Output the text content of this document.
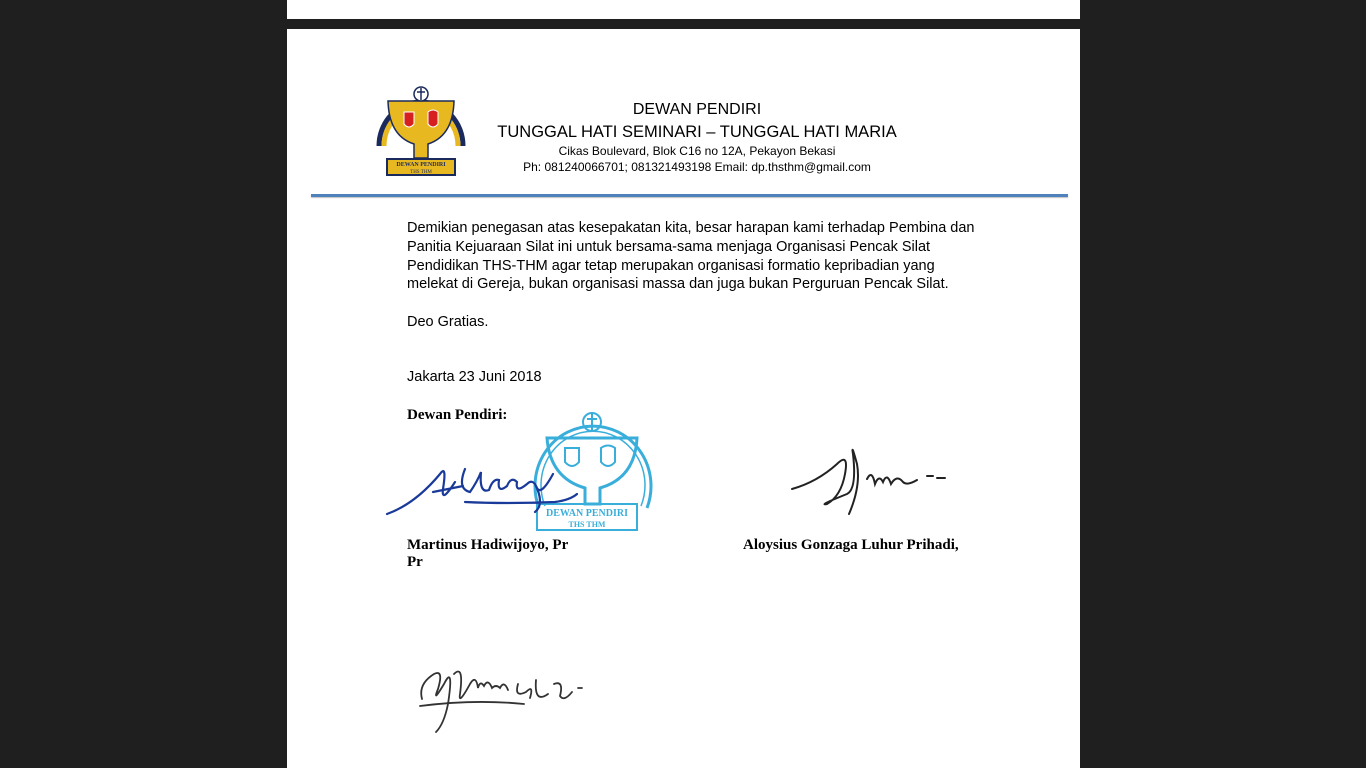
DEWAN PENDIRI
THS THM
DEWAN PENDIRI
TUNGGAL HATI SEMINARI – TUNGGAL HATI MARIA
Cikas Boulevard, Blok C16 no 12A, Pekayon Bekasi
Ph: 081240066701; 081321493198 Email: dp.thsthm@gmail.com

Demikian penegasan atas kesepakatan kita, besar harapan kami terhadap Pembina dan Panitia Kejuaraan Silat ini untuk bersama-sama menjaga Organisasi Pencak Silat Pendidikan THS-THM agar tetap merupakan organisasi formatio kepribadian yang melekat di Gereja, bukan organisasi massa dan juga bukan Perguruan Pencak Silat.

Deo Gratias.

Jakarta 23 Juni 2018

Dewan Pendiri:

DEWAN PENDIRI
THS THM
Martinus Hadiwijoyo, Pr
Pr
Aloysius Gonzaga Luhur Prihadi,
